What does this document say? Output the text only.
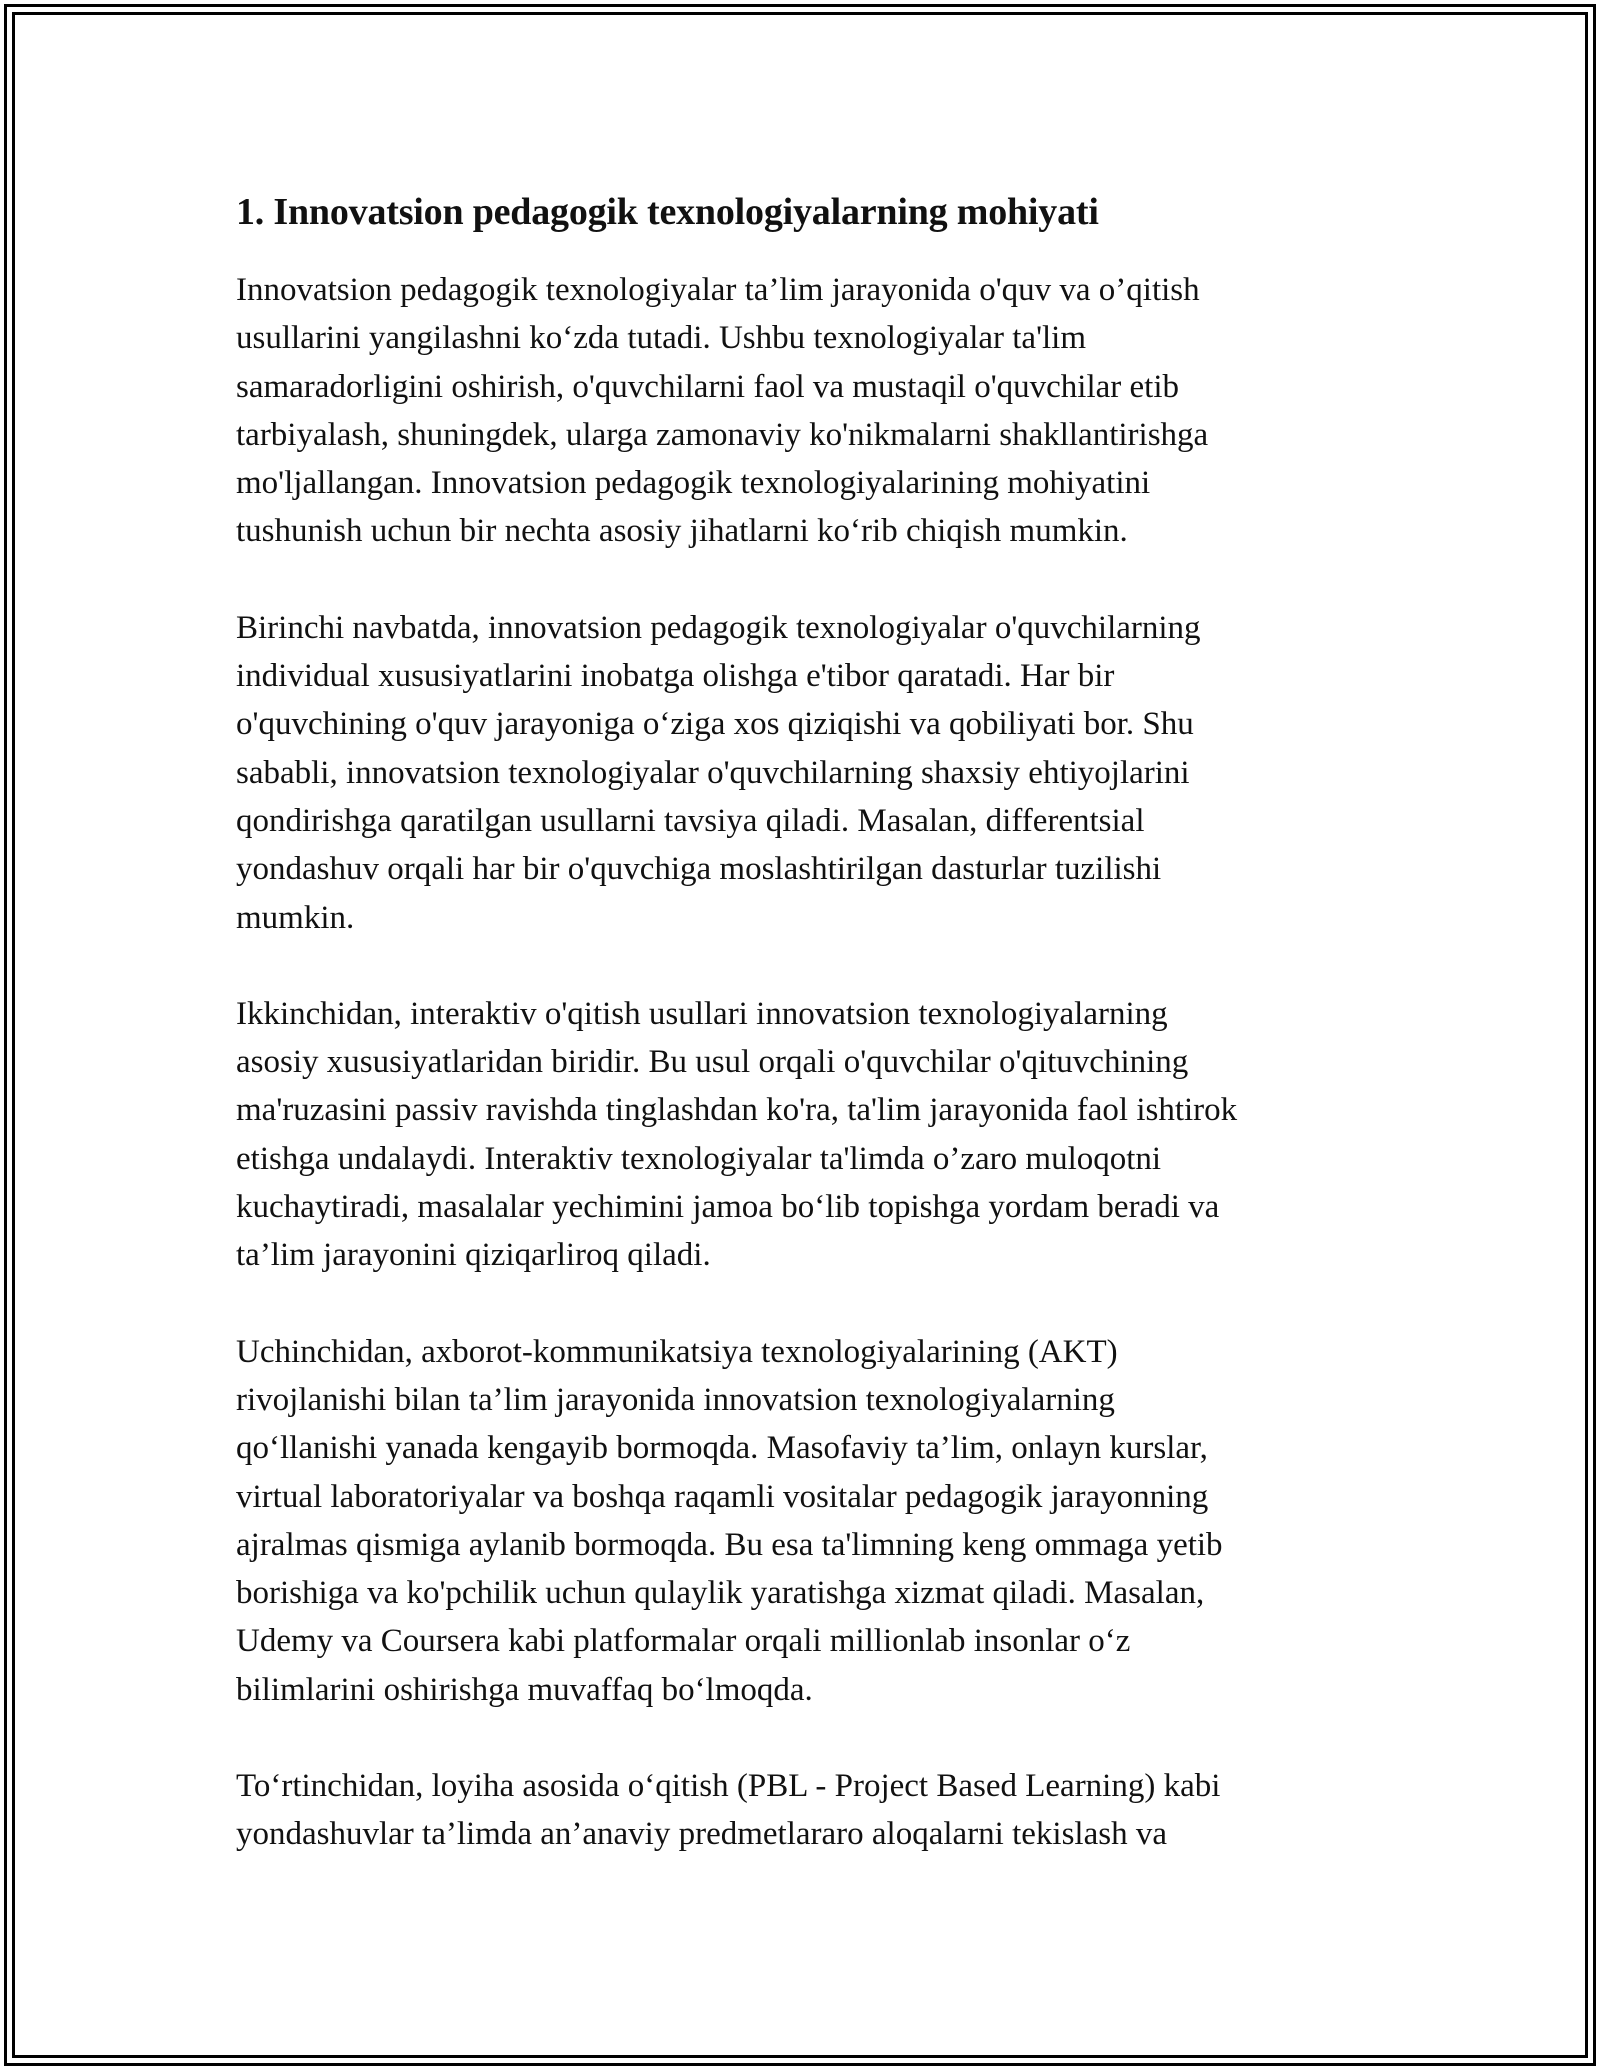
1. Innovatsion pedagogik texnologiyalarning mohiyati

Innovatsion pedagogik texnologiyalar ta’lim jarayonida o'quv va o’qitish
usullarini yangilashni ko‘zda tutadi. Ushbu texnologiyalar ta'lim
samaradorligini oshirish, o'quvchilarni faol va mustaqil o'quvchilar etib
tarbiyalash, shuningdek, ularga zamonaviy ko'nikmalarni shakllantirishga
mo'ljallangan. Innovatsion pedagogik texnologiyalarining mohiyatini
tushunish uchun bir nechta asosiy jihatlarni ko‘rib chiqish mumkin.

Birinchi navbatda, innovatsion pedagogik texnologiyalar o'quvchilarning
individual xususiyatlarini inobatga olishga e'tibor qaratadi. Har bir
o'quvchining o'quv jarayoniga o‘ziga xos qiziqishi va qobiliyati bor. Shu
sababli, innovatsion texnologiyalar o'quvchilarning shaxsiy ehtiyojlarini
qondirishga qaratilgan usullarni tavsiya qiladi. Masalan, differentsial
yondashuv orqali har bir o'quvchiga moslashtirilgan dasturlar tuzilishi
mumkin.

Ikkinchidan, interaktiv o'qitish usullari innovatsion texnologiyalarning
asosiy xususiyatlaridan biridir. Bu usul orqali o'quvchilar o'qituvchining
ma'ruzasini passiv ravishda tinglashdan ko'ra, ta'lim jarayonida faol ishtirok
etishga undalaydi. Interaktiv texnologiyalar ta'limda o’zaro muloqotni
kuchaytiradi, masalalar yechimini jamoa bo‘lib topishga yordam beradi va
ta’lim jarayonini qiziqarliroq qiladi.

Uchinchidan, axborot-kommunikatsiya texnologiyalarining (AKT)
rivojlanishi bilan ta’lim jarayonida innovatsion texnologiyalarning
qo‘llanishi yanada kengayib bormoqda. Masofaviy ta’lim, onlayn kurslar,
virtual laboratoriyalar va boshqa raqamli vositalar pedagogik jarayonning
ajralmas qismiga aylanib bormoqda. Bu esa ta'limning keng ommaga yetib
borishiga va ko'pchilik uchun qulaylik yaratishga xizmat qiladi. Masalan,
Udemy va Coursera kabi platformalar orqali millionlab insonlar o‘z
bilimlarini oshirishga muvaffaq bo‘lmoqda.

To‘rtinchidan, loyiha asosida o‘qitish (PBL - Project Based Learning) kabi
yondashuvlar ta’limda an’anaviy predmetlararo aloqalarni tekislash va
